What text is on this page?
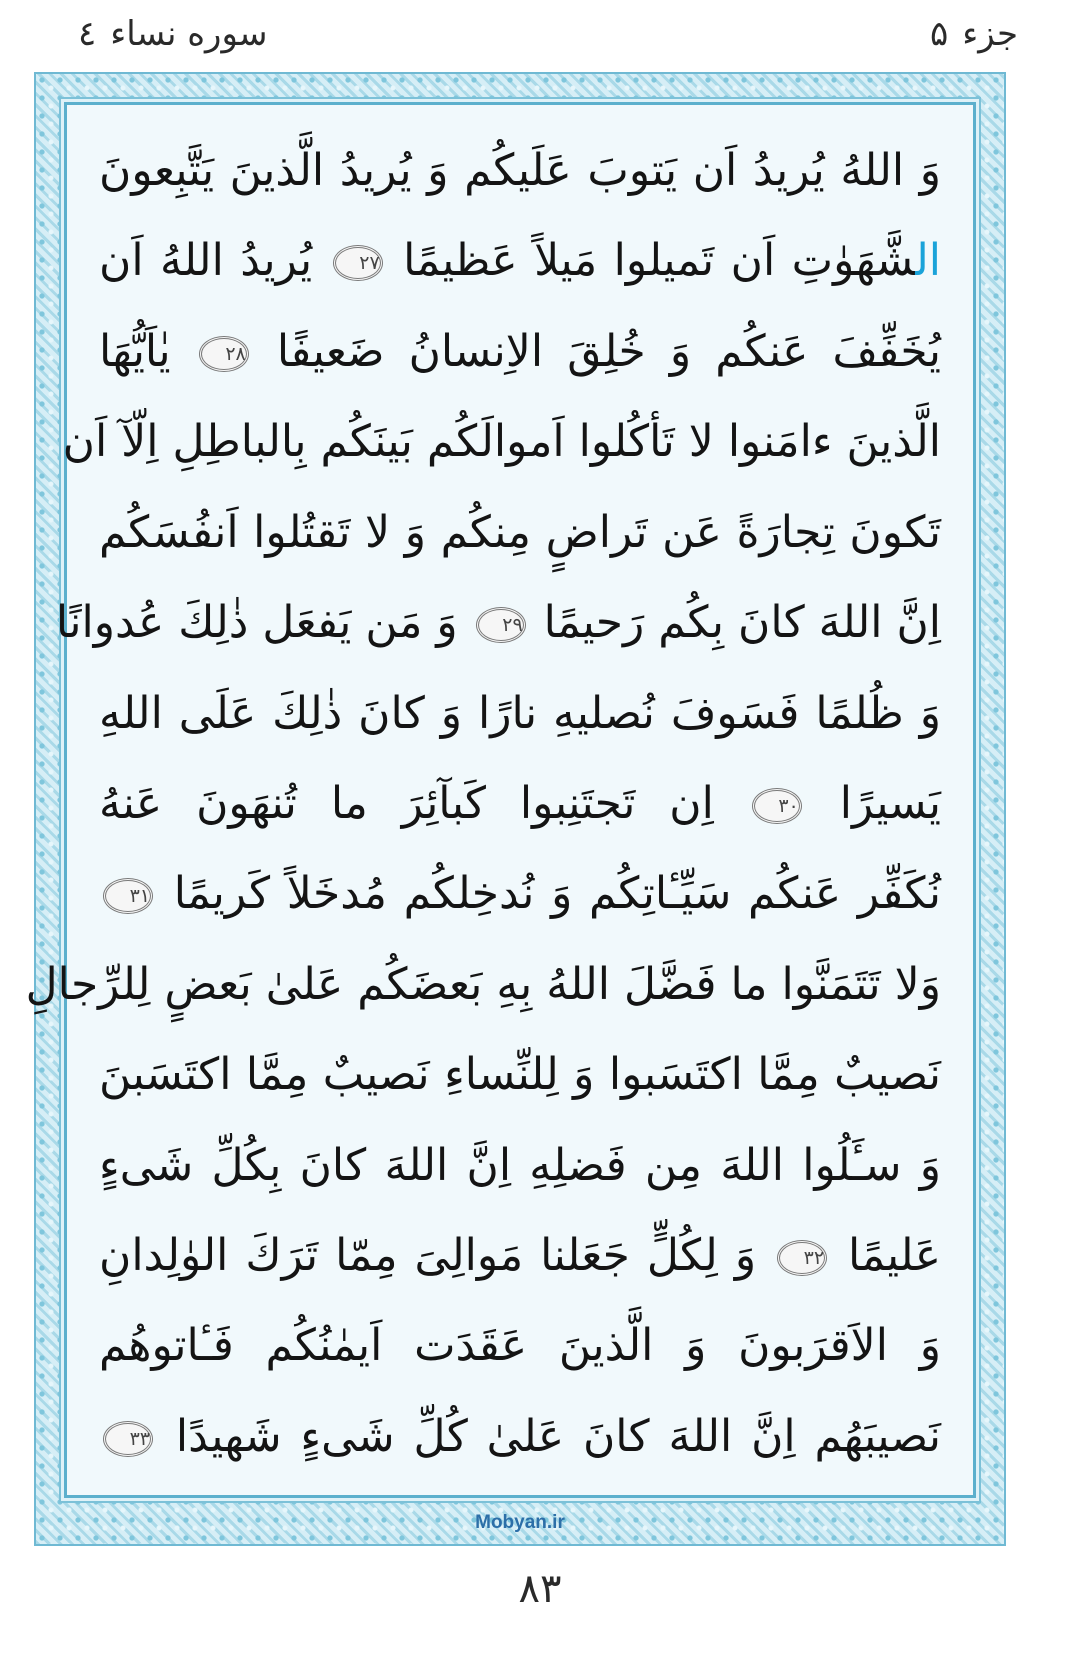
سوره نساء٤	جزء۵
وَ اللهُ يُريدُ اَن يَتوبَ عَلَيكُم وَ يُريدُ الَّذينَ يَتَّبِعونَ
الشَّهَوٰتِ اَن تَميلوا مَيلاً عَظيمًا ٢٧ يُريدُ اللهُ اَن
يُخَفِّفَ عَنكُم وَ خُلِقَ الاِنسانُ ضَعيفًا ٢٨ يٰاَيُّهَا
الَّذينَ ءامَنوا لا تَأكُلوا اَموالَكُم بَينَكُم بِالباطِلِ اِلّآ اَن
تَكونَ تِجارَةً عَن تَراضٍ مِنكُم وَ لا تَقتُلوا اَنفُسَكُم
اِنَّ اللهَ كانَ بِكُم رَحيمًا ٢٩ وَ مَن يَفعَل ذٰلِكَ عُدوانًا
وَ ظُلمًا فَسَوفَ نُصليهِ نارًا وَ كانَ ذٰلِكَ عَلَى اللهِ
يَسيرًا ٣٠ اِن تَجتَنِبوا كَبآئِرَ ما تُنهَونَ عَنهُ
نُكَفِّر عَنكُم سَيِّـٔاتِكُم وَ نُدخِلكُم مُدخَلاً كَريمًا ٣١
وَلا تَتَمَنَّوا ما فَضَّلَ اللهُ بِهِ بَعضَكُم عَلىٰ بَعضٍ لِلرِّجالِ
نَصيبٌ مِمَّا اكتَسَبوا وَ لِلنِّساءِ نَصيبٌ مِمَّا اكتَسَبنَ
وَ سـَٔلُوا اللهَ مِن فَضلِهِ اِنَّ اللهَ كانَ بِكُلِّ شَیءٍ
عَليمًا ٣٢ وَ لِكُلٍّ جَعَلنا مَوالِیَ مِمّا تَرَكَ الوٰلِدانِ
وَ الاَقرَبونَ وَ الَّذينَ عَقَدَت اَيمٰنُكُم فَـٔاتوهُم
نَصيبَهُم اِنَّ اللهَ كانَ عَلىٰ كُلِّ شَیءٍ شَهيدًا ٣٣
Mobyan.ir
۸۳
